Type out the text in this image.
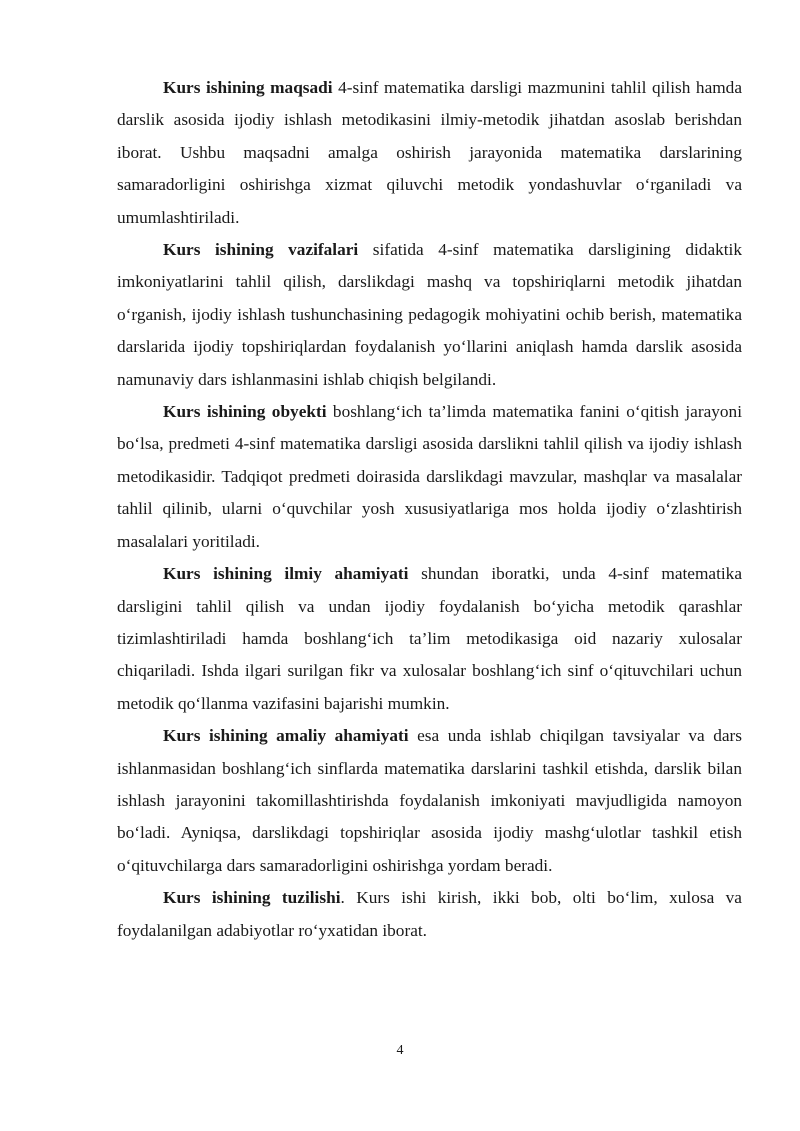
Kurs ishining maqsadi 4-sinf matematika darsligi mazmunini tahlil qilish hamda darslik asosida ijodiy ishlash metodikasini ilmiy-metodik jihatdan asoslab berishdan iborat. Ushbu maqsadni amalga oshirish jarayonida matematika darslarining samaradorligini oshirishga xizmat qiluvchi metodik yondashuvlar o‘rganiladi va umumlashtiriladi.

Kurs ishining vazifalari sifatida 4-sinf matematika darsligining didaktik imkoniyatlarini tahlil qilish, darslikdagi mashq va topshiriqlarni metodik jihatdan o‘rganish, ijodiy ishlash tushunchasining pedagogik mohiyatini ochib berish, matematika darslarida ijodiy topshiriqlardan foydalanish yo‘llarini aniqlash hamda darslik asosida namunaviy dars ishlanmasini ishlab chiqish belgilandi.

Kurs ishining obyekti boshlang‘ich ta’limda matematika fanini o‘qitish jarayoni bo‘lsa, predmeti 4-sinf matematika darsligi asosida darslikni tahlil qilish va ijodiy ishlash metodikasidir. Tadqiqot predmeti doirasida darslikdagi mavzular, mashqlar va masalalar tahlil qilinib, ularni o‘quvchilar yosh xususiyatlariga mos holda ijodiy o‘zlashtirish masalalari yoritiladi.

Kurs ishining ilmiy ahamiyati shundan iboratki, unda 4-sinf matematika darsligini tahlil qilish va undan ijodiy foydalanish bo‘yicha metodik qarashlar tizimlashtiriladi hamda boshlang‘ich ta’lim metodikasiga oid nazariy xulosalar chiqariladi. Ishda ilgari surilgan fikr va xulosalar boshlang‘ich sinf o‘qituvchilari uchun metodik qo‘llanma vazifasini bajarishi mumkin.

Kurs ishining amaliy ahamiyati esa unda ishlab chiqilgan tavsiyalar va dars ishlanmasidan boshlang‘ich sinflarda matematika darslarini tashkil etishda, darslik bilan ishlash jarayonini takomillashtirishda foydalanish imkoniyati mavjudligida namoyon bo‘ladi. Ayniqsa, darslikdagi topshiriqlar asosida ijodiy mashg‘ulotlar tashkil etish o‘qituvchilarga dars samaradorligini oshirishga yordam beradi.

Kurs ishining tuzilishi. Kurs ishi kirish, ikki bob, olti bo‘lim, xulosa va foydalanilgan adabiyotlar ro‘yxatidan iborat.

4
